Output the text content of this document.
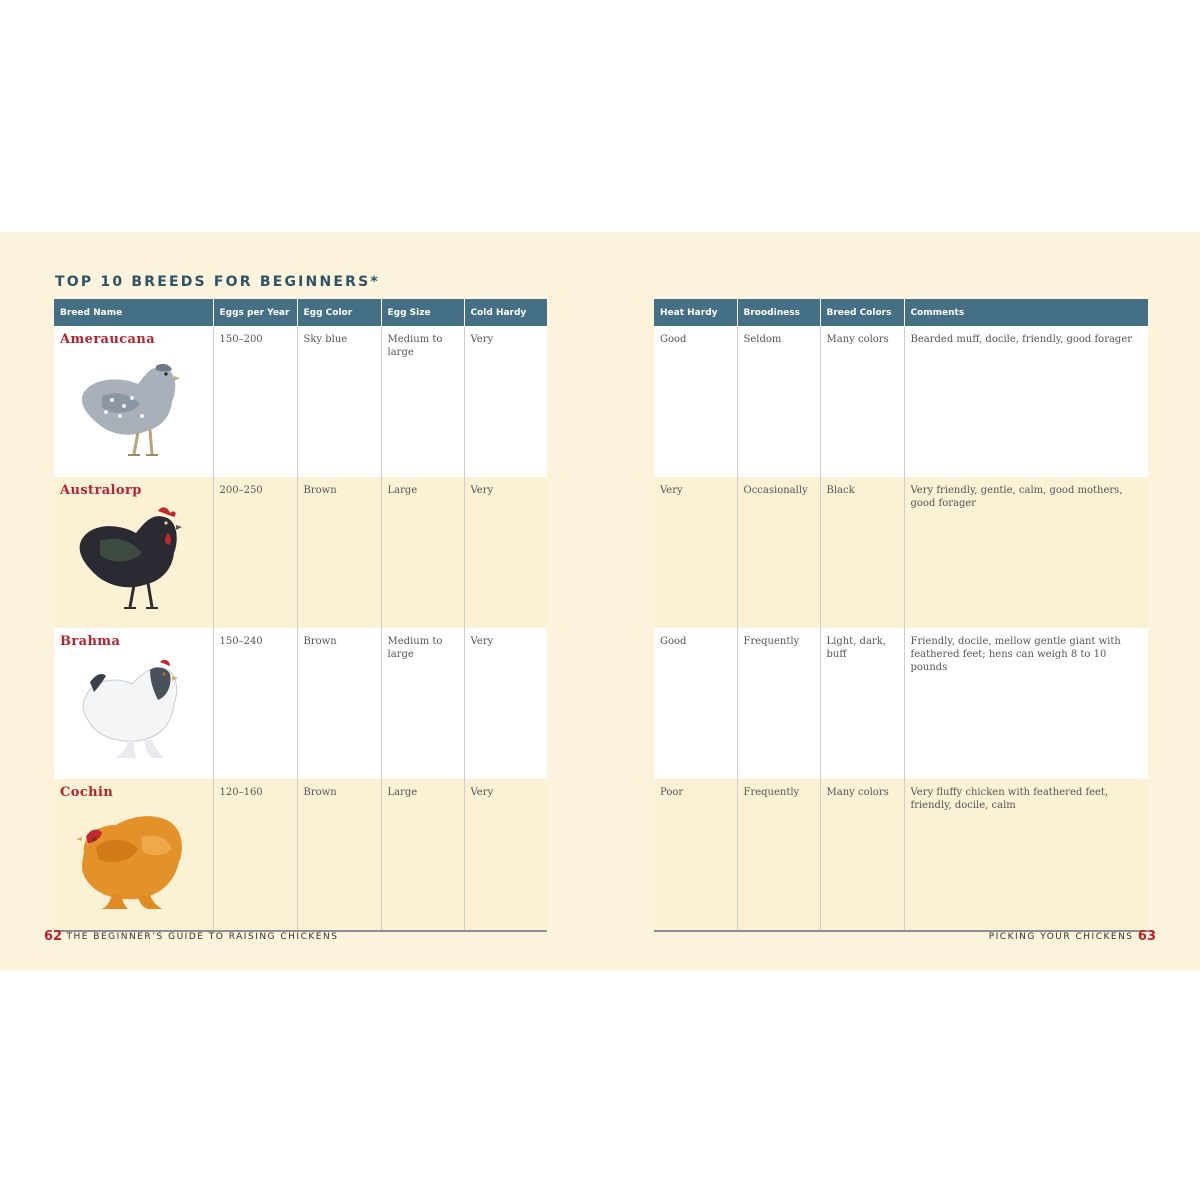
TOP 10 BREEDS FOR BEGINNERS*
Breed Name	Eggs per Year	Egg Color	Egg Size	Cold Hardy

Ameraucana	150–200	Sky blue	Medium to large	Very

Australorp	200–250	Brown	Large	Very

Brahma	150–240	Brown	Medium to large	Very

Cochin	120–160	Brown	Large	Very
Heat Hardy	Broodiness	Breed Colors	Comments
Good	Seldom	Many colors	Bearded muff, docile, friendly, good forager
Very	Occasionally	Black	Very friendly, gentle, calm, good mothers, good forager
Good	Frequently	Light, dark, buff	Friendly, docile, mellow gentle giant with feathered feet; hens can weigh 8 to 10 pounds
Poor	Frequently	Many colors	Very fluffy chicken with feathered feet, friendly, docile, calm
62 THE BEGINNER’S GUIDE TO RAISING CHICKENS	PICKING YOUR CHICKENS 63
